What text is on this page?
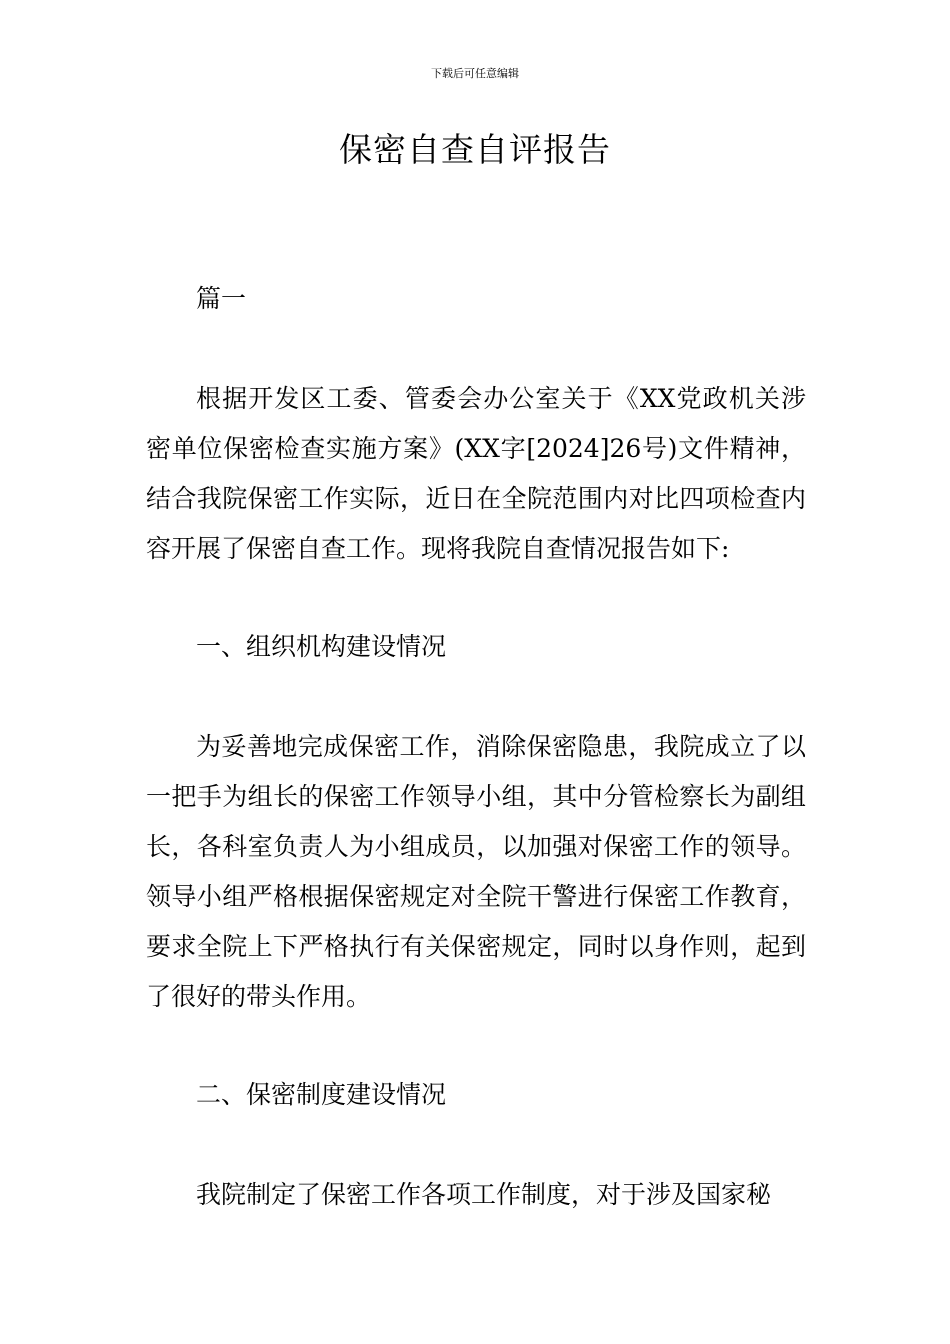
下载后可任意编辑
保密自查自评报告
篇一
根据开发区工委、管委会办公室关于《XX党政机关涉密单位保密检查实施方案》(XX字[2024]26号)文件精神，结合我院保密工作实际，近日在全院范围内对比四项检查内容开展了保密自查工作。现将我院自查情况报告如下:
一、组织机构建设情况
为妥善地完成保密工作，消除保密隐患，我院成立了以一把手为组长的保密工作领导小组，其中分管检察长为副组长，各科室负责人为小组成员，以加强对保密工作的领导。领导小组严格根据保密规定对全院干警进行保密工作教育，要求全院上下严格执行有关保密规定，同时以身作则，起到了很好的带头作用。
二、保密制度建设情况
我院制定了保密工作各项工作制度，对于涉及国家秘
